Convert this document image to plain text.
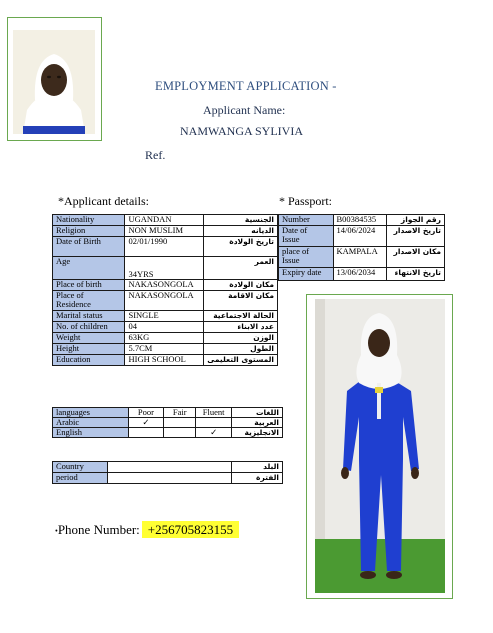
EMPLOYMENT APPLICATION -
Applicant Name:
NAMWANGA SYLIVIA
Ref.
*Applicant details:	* Passport:
Nationality	UGANDAN	الجنسية
Religion	NON MUSLIM	الديانه
Date of Birth	02/01/1990	تاريخ الولادة
Age	34YRS	العمر
Place of birth	NAKASONGOLA	مكان الولادة

Place of
Residence	NAKASONGOLA	مكان الاقامة
Marital status	SINGLE	الحالة الاجتماعية
No. of children	04	عدد الابناء
Weight	63KG	الوزن
Height	5.7CM	الطول
Education	HIGH SCHOOL	المستوى التعليمى
Number	B00384535	رقم الجواز

Date of
Issue	14/06/2024	تاريخ الاصدار

place of
Issue	KAMPALA	مكان الاصدار
Expiry date	13/06/2034	تاريخ الانتهاء
languages	Poor	Fair	Fluent	اللغات
Arabic	✓			العربية
English			✓	الانجليزية
Country		البلد
period		الفترة
•Phone Number: +256705823155
